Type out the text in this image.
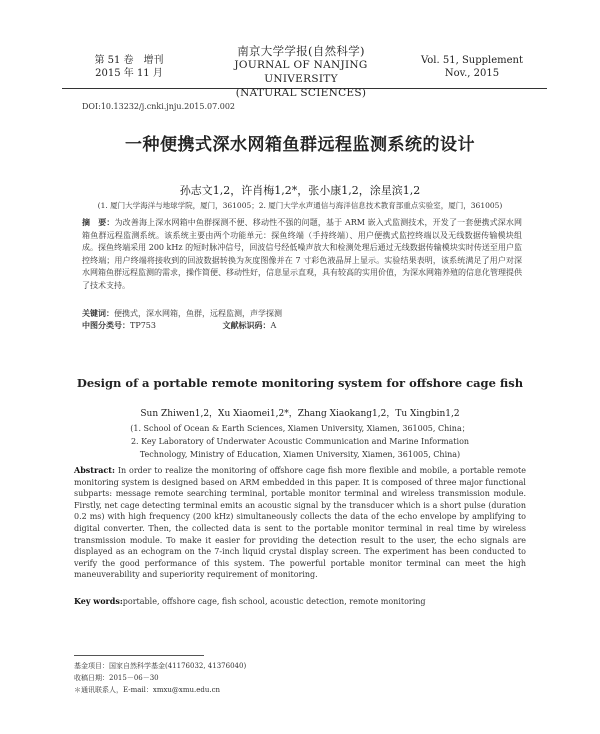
第 51 卷　增刊
2015 年 11 月
南京大学学报(自然科学)
JOURNAL OF NANJING UNIVERSITY
(NATURAL SCIENCES)
Vol. 51, Supplement
Nov., 2015
DOI:10.13232/j.cnki.jnju.2015.07.002
一种便携式深水网箱鱼群远程监测系统的设计
孙志文1,2，许肖梅1,2*，张小康1,2，涂星滨1,2
(1. 厦门大学海洋与地球学院，厦门，361005；2. 厦门大学水声通信与海洋信息技术教育部重点实验室，厦门，361005)
摘　要：为改善海上深水网箱中鱼群探测不便、移动性不强的问题，基于 ARM 嵌入式监测技术，开发了一套便携式深水网箱鱼群远程监测系统。该系统主要由两个功能单元：探鱼终端（手持终端）、用户便携式监控终端以及无线数据传输模块组成。探鱼终端采用 200 kHz 的短时脉冲信号，回波信号经低噪声放大和检测处理后通过无线数据传输模块实时传送至用户监控终端；用户终端将接收到的回波数据转换为灰度图像并在 7 寸彩色液晶屏上显示。实验结果表明，该系统满足了用户对深水网箱鱼群远程监测的需求，操作简便、移动性好，信息显示直观，具有较高的实用价值，为深水网箱养殖的信息化管理提供了技术支持。
关键词：便携式，深水网箱，鱼群，远程监测，声学探测
中图分类号：TP753	文献标识码：A
Design of a portable remote monitoring system for offshore cage fish
Sun Zhiwen1,2，Xu Xiaomei1,2*，Zhang Xiaokang1,2，Tu Xingbin1,2
(1. School of Ocean & Earth Sciences, Xiamen University, Xiamen, 361005, China；
2. Key Laboratory of Underwater Acoustic Communication and Marine Information
Technology, Ministry of Education, Xiamen University, Xiamen, 361005, China)
Abstract: In order to realize the monitoring of offshore cage fish more flexible and mobile, a portable remote monitoring system is designed based on ARM embedded in this paper. It is composed of three major functional subparts: message remote searching terminal, portable monitor terminal and wireless transmission module. Firstly, net cage detecting terminal emits an acoustic signal by the transducer which is a short pulse (duration 0.2 ms) with high frequency (200 kHz) simultaneously collects the data of the echo envelope by amplifying to digital converter. Then, the collected data is sent to the portable monitor terminal in real time by wireless transmission module. To make it easier for providing the detection result to the user, the echo signals are displayed as an echogram on the 7-inch liquid crystal display screen. The experiment has been conducted to verify the good performance of this system. The powerful portable monitor terminal can meet the high maneuverability and superiority requirement of monitoring.
Key words:portable, offshore cage, fish school, acoustic detection, remote monitoring
基金项目：国家自然科学基金(41176032, 41376040)
收稿日期：2015－06－30
＊通讯联系人，E-mail：xmxu@xmu.edu.cn
